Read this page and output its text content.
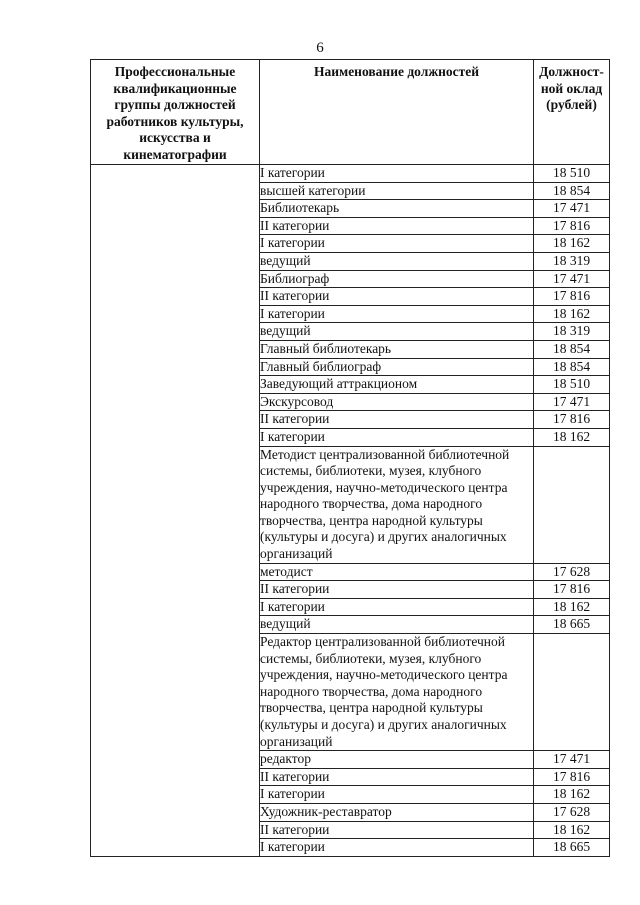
6
Профессиональные квалификационные группы должностей работников культуры, искусства и кинематографии	Наименование должностей	Должност-ной оклад (рублей)
	I категории	18 510
	высшей категории	18 854
	Библиотекарь	17 471
	II категории	17 816
	I категории	18 162
	ведущий	18 319
	Библиограф	17 471
	II категории	17 816
	I категории	18 162
	ведущий	18 319
	Главный библиотекарь	18 854
	Главный библиограф	18 854
	Заведующий аттракционом	18 510
	Экскурсовод	17 471
	II категории	17 816
	I категории	18 162
	Методист централизованной библиотечной системы, библиотеки, музея, клубного учреждения, научно-методического центра народного творчества, дома народного творчества, центра народной культуры (культуры и досуга) и других аналогичных организаций	
	методист	17 628
	II категории	17 816
	I категории	18 162
	ведущий	18 665
	Редактор централизованной библиотечной системы, библиотеки, музея, клубного учреждения, научно-методического центра народного творчества, дома народного творчества, центра народной культуры (культуры и досуга) и других аналогичных организаций	
	редактор	17 471
	II категории	17 816
	I категории	18 162
	Художник-реставратор	17 628
	II категории	18 162
	I категории	18 665
